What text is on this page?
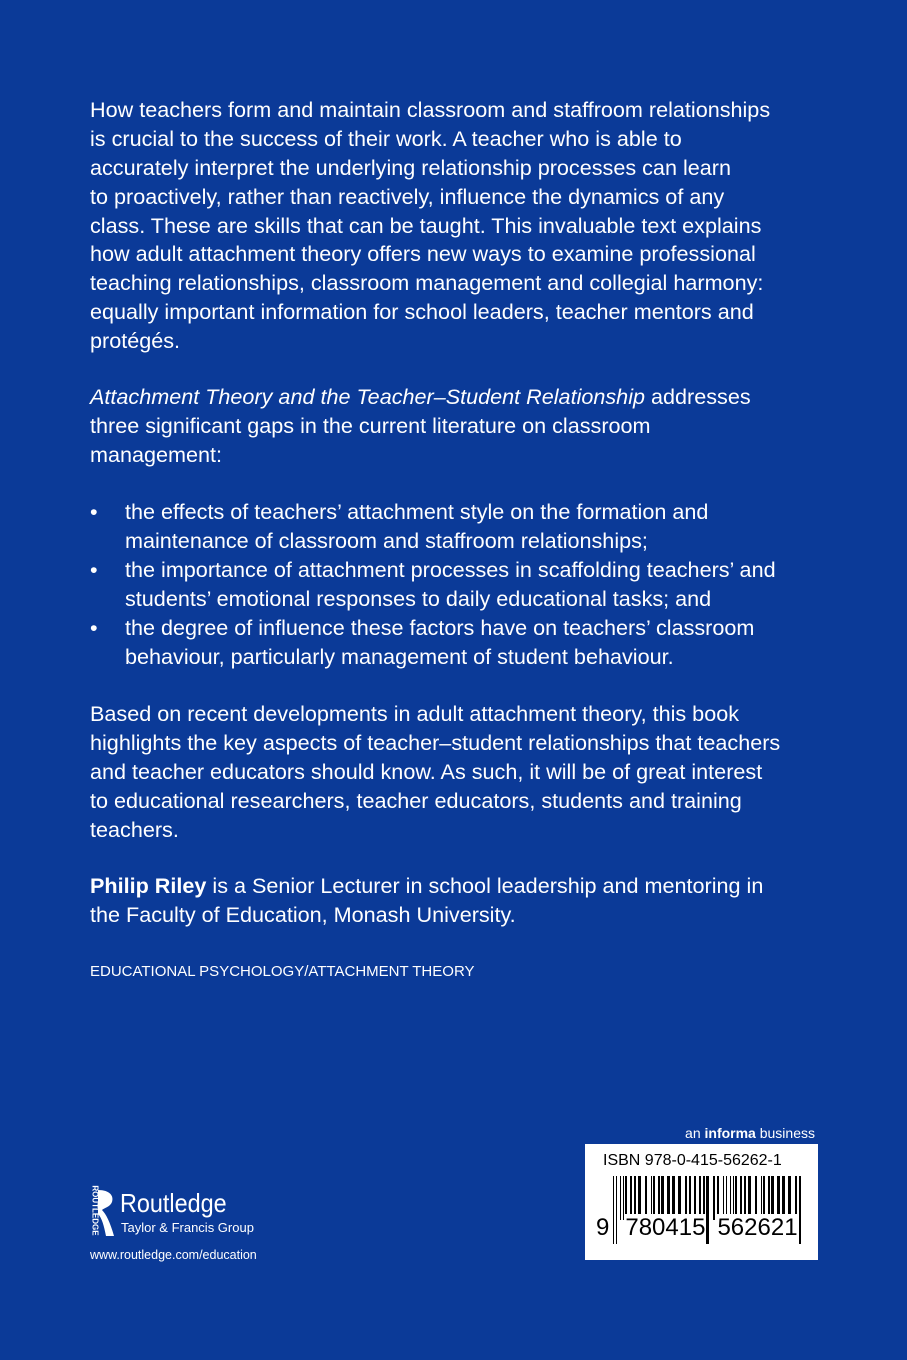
How teachers form and maintain classroom and staffroom relationships
is crucial to the success of their work. A teacher who is able to
accurately interpret the underlying relationship processes can learn
to proactively, rather than reactively, influence the dynamics of any
class. These are skills that can be taught. This invaluable text explains
how adult attachment theory offers new ways to examine professional
teaching relationships, classroom management and collegial harmony:
equally important information for school leaders, teacher mentors and
protégés.
Attachment Theory and the Teacher–Student Relationship addresses
three significant gaps in the current literature on classroom
management:
• the effects of teachers’ attachment style on the formation and
maintenance of classroom and staffroom relationships;
• the importance of attachment processes in scaffolding teachers’ and
students’ emotional responses to daily educational tasks; and
• the degree of influence these factors have on teachers’ classroom
behaviour, particularly management of student behaviour.
Based on recent developments in adult attachment theory, this book
highlights the key aspects of teacher–student relationships that teachers
and teacher educators should know. As such, it will be of great interest
to educational researchers, teacher educators, students and training
teachers.
Philip Riley is a Senior Lecturer in school leadership and mentoring in
the Faculty of Education, Monash University.
EDUCATIONAL PSYCHOLOGY/ATTACHMENT THEORY
an informa business
ISBN 978-0-415-56262-1
9 780415 562621
ROUTLEDGE Routledge
Taylor & Francis Group
www.routledge.com/education
